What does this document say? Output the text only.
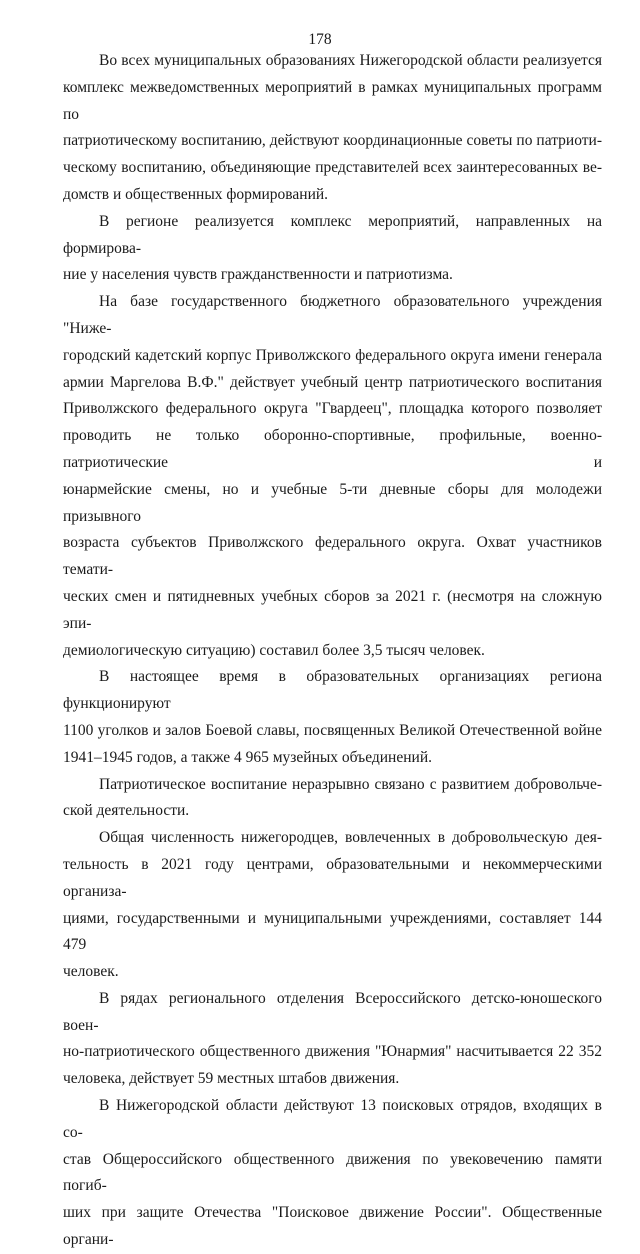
178

Во всех муниципальных образованиях Нижегородской области реализуется
комплекс межведомственных мероприятий в рамках муниципальных программ по
патриотическому воспитанию, действуют координационные советы по патриоти-
ческому воспитанию, объединяющие представителей всех заинтересованных ве-
домств и общественных формирований.

В регионе реализуется комплекс мероприятий, направленных на формирова-
ние у населения чувств гражданственности и патриотизма.

На базе государственного бюджетного образовательного учреждения "Ниже-
городский кадетский корпус Приволжского федерального округа имени генерала
армии Маргелова В.Ф." действует учебный центр патриотического воспитания
Приволжского федерального округа "Гвардеец", площадка которого позволяет
проводить не только оборонно-спортивные, профильные, военно-патриотические и
юнармейские смены, но и учебные 5-ти дневные сборы для молодежи призывного
возраста субъектов Приволжского федерального округа. Охват участников темати-
ческих смен и пятидневных учебных сборов за 2021 г. (несмотря на сложную эпи-
демиологическую ситуацию) составил более 3,5 тысяч человек.

В настоящее время в образовательных организациях региона функционируют
1100 уголков и залов Боевой славы, посвященных Великой Отечественной войне
1941–1945 годов, а также 4 965 музейных объединений.

Патриотическое воспитание неразрывно связано с развитием добровольче-
ской деятельности.

Общая численность нижегородцев, вовлеченных в добровольческую дея-
тельность в 2021 году центрами, образовательными и некоммерческими организа-
циями, государственными и муниципальными учреждениями, составляет 144 479
человек.

В рядах регионального отделения Всероссийского детско-юношеского воен-
но-патриотического общественного движения "Юнармия" насчитывается 22 352
человека, действует 59 местных штабов движения.

В Нижегородской области действуют 13 поисковых отрядов, входящих в со-
став Общероссийского общественного движения по увековечению памяти погиб-
ших при защите Отечества "Поисковое движение России". Общественные органи-
